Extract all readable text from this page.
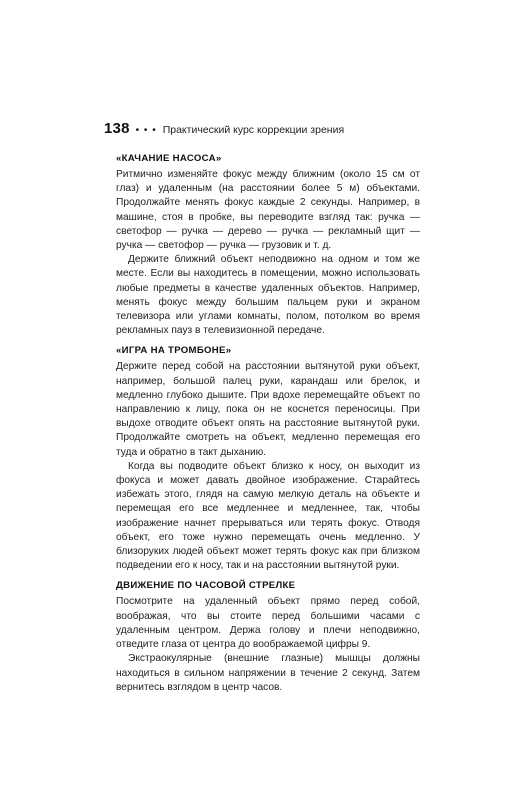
138 • • • Практический курс коррекции зрения
«КАЧАНИЕ НАСОСА»

Ритмично изменяйте фокус между ближним (около 15 см от глаз) и удаленным (на расстоянии более 5 м) объектами. Продолжайте менять фокус каждые 2 секунды. Например, в машине, стоя в пробке, вы переводите взгляд так: ручка — светофор — ручка — дерево — ручка — рекламный щит — ручка — светофор — ручка — грузовик и т. д.

Держите ближний объект неподвижно на одном и том же месте. Если вы находитесь в помещении, можно использовать любые предметы в качестве удаленных объектов. Например, менять фокус между большим пальцем руки и экраном телевизора или углами комнаты, полом, потолком во время рекламных пауз в телевизионной передаче.

«ИГРА НА ТРОМБОНЕ»

Держите перед собой на расстоянии вытянутой руки объект, например, большой палец руки, карандаш или брелок, и медленно глубоко дышите. При вдохе перемещайте объект по направлению к лицу, пока он не коснется переносицы. При выдохе отводите объект опять на расстояние вытянутой руки. Продолжайте смотреть на объект, медленно перемещая его туда и обратно в такт дыханию.

Когда вы подводите объект близко к носу, он выходит из фокуса и может давать двойное изображение. Старайтесь избежать этого, глядя на самую мелкую деталь на объекте и перемещая его все медленнее и медленнее, так, чтобы изображение начнет прерываться или терять фокус. Отводя объект, его тоже нужно перемещать очень медленно. У близоруких людей объект может терять фокус как при близком подведении его к носу, так и на расстоянии вытянутой руки.

ДВИЖЕНИЕ ПО ЧАСОВОЙ СТРЕЛКЕ

Посмотрите на удаленный объект прямо перед собой, воображая, что вы стоите перед большими часами с удаленным центром. Держа голову и плечи неподвижно, отведите глаза от центра до воображаемой цифры 9.

Экстраокулярные (внешние глазные) мышцы должны находиться в сильном напряжении в течение 2 секунд. Затем вернитесь взглядом в центр часов.
